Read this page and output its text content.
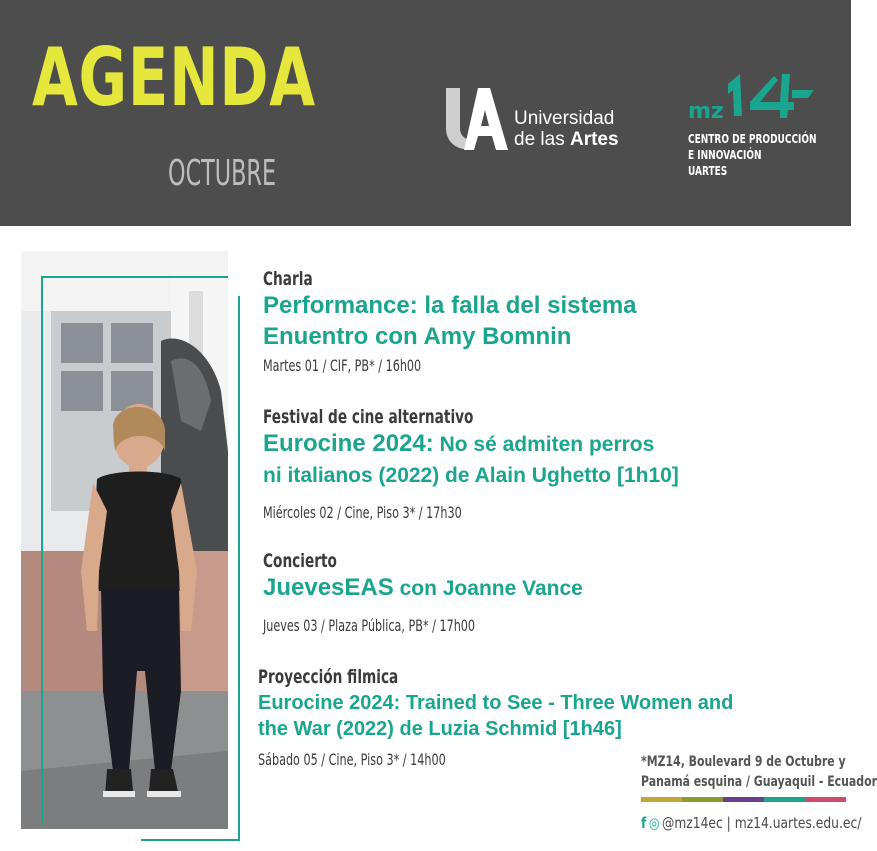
AGENDA
OCTUBRE
Universidad
de las Artes
mz
CENTRO DE PRODUCCIÓN
E INNOVACIÓN
UARTES
Charla
Performance: la falla del sistema
Enuentro con Amy Bomnin
Martes 01 / CIF, PB* / 16h00
Festival de cine alternativo
Eurocine 2024: No sé admiten perros
ni italianos (2022) de Alain Ughetto [1h10]
Miércoles 02 / Cine, Piso 3* / 17h30
Concierto
JuevesEAS con Joanne Vance
Jueves 03 / Plaza Pública, PB* / 17h00
Proyección filmica
Eurocine 2024: Trained to See - Three Women and
the War (2022) de Luzia Schmid [1h46]
Sábado 05 / Cine, Piso 3* / 14h00	*MZ14, Boulevard 9 de Octubre y
Panamá esquina / Guayaquil - Ecuador
f ◎ @mz14ec | mz14.uartes.edu.ec/
